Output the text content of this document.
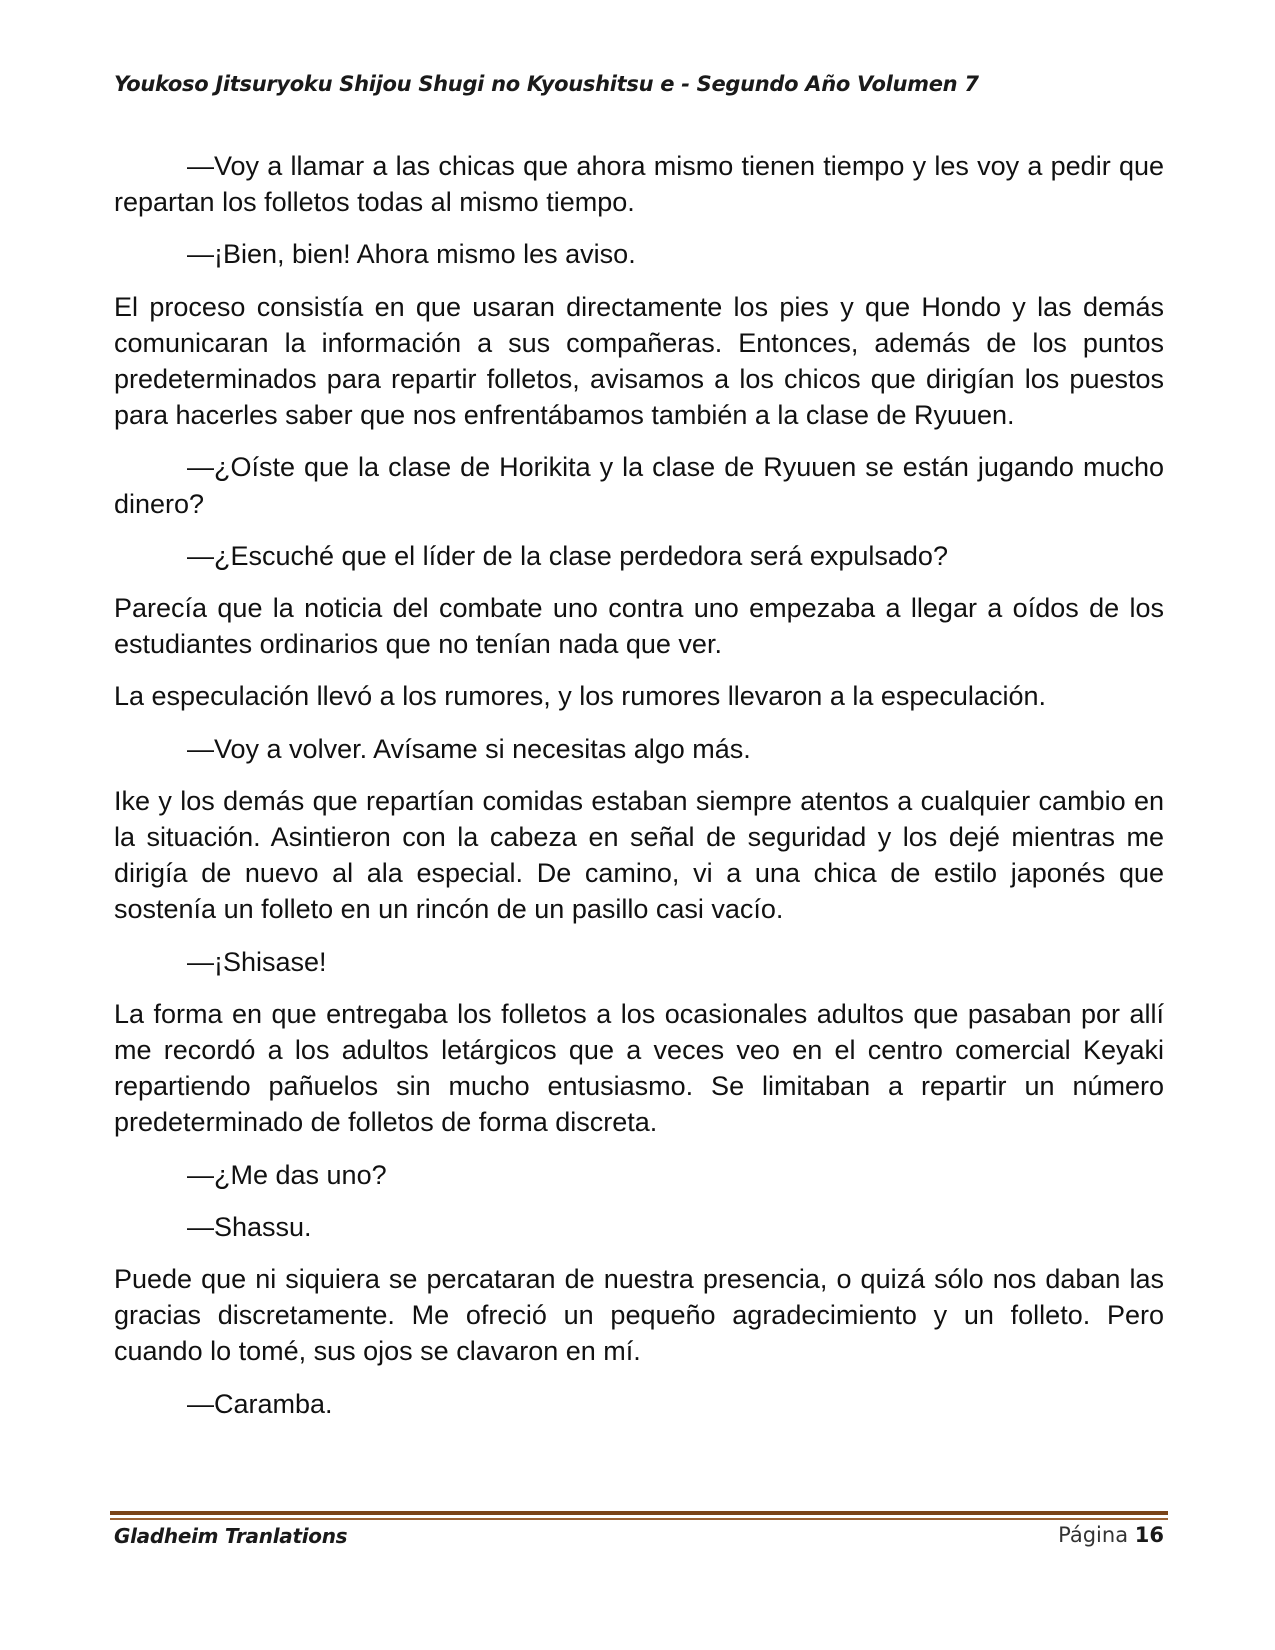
Youkoso Jitsuryoku Shijou Shugi no Kyoushitsu e - Segundo Año Volumen 7

—Voy a llamar a las chicas que ahora mismo tienen tiempo y les voy a pedir que repartan los folletos todas al mismo tiempo.

—¡Bien, bien! Ahora mismo les aviso.

El proceso consistía en que usaran directamente los pies y que Hondo y las demás comunicaran la información a sus compañeras. Entonces, además de los puntos predeterminados para repartir folletos, avisamos a los chicos que dirigían los puestos para hacerles saber que nos enfrentábamos también a la clase de Ryuuen.

—¿Oíste que la clase de Horikita y la clase de Ryuuen se están jugando mucho dinero?

—¿Escuché que el líder de la clase perdedora será expulsado?

Parecía que la noticia del combate uno contra uno empezaba a llegar a oídos de los estudiantes ordinarios que no tenían nada que ver.

La especulación llevó a los rumores, y los rumores llevaron a la especulación.

—Voy a volver. Avísame si necesitas algo más.

Ike y los demás que repartían comidas estaban siempre atentos a cualquier cambio en la situación. Asintieron con la cabeza en señal de seguridad y los dejé mientras me dirigía de nuevo al ala especial. De camino, vi a una chica de estilo japonés que sostenía un folleto en un rincón de un pasillo casi vacío.

—¡Shisase!

La forma en que entregaba los folletos a los ocasionales adultos que pasaban por allí me recordó a los adultos letárgicos que a veces veo en el centro comercial Keyaki repartiendo pañuelos sin mucho entusiasmo. Se limitaban a repartir un número predeterminado de folletos de forma discreta.

—¿Me das uno?

—Shassu.

Puede que ni siquiera se percataran de nuestra presencia, o quizá sólo nos daban las gracias discretamente. Me ofreció un pequeño agradecimiento y un folleto. Pero cuando lo tomé, sus ojos se clavaron en mí.

—Caramba.

Gladheim Tranlations	Página 16
